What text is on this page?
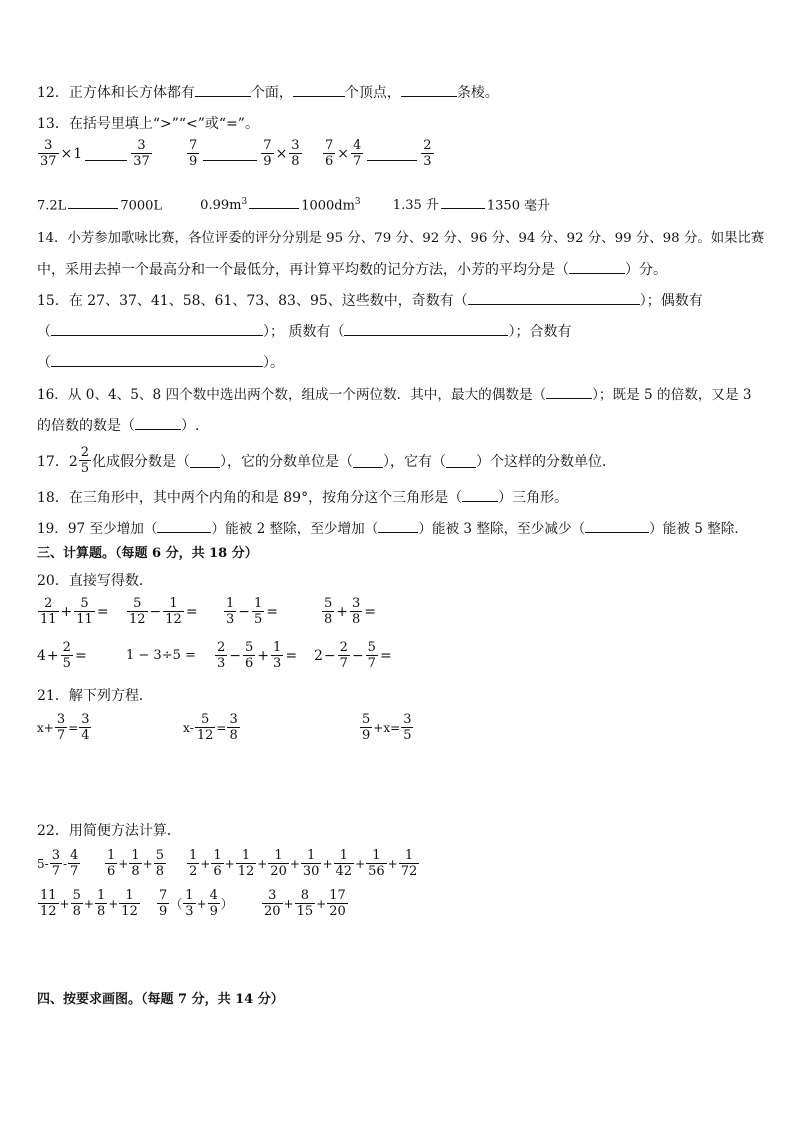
12．正方体和长方体都有	个面，	个顶点，	条棱。
13．在括号里填上“>”“<”或“=”。
$\frac{3}{37} \times 1$	$\frac{3}{37}$	$\frac{7}{9}$	$\frac{7}{9} \times \frac{3}{8} \frac{7}{6} \times \frac{4}{7}$	$\frac{2}{3}$
7.2L	7000L	$0.99m^3$	$1000dm^3$ 1.35 升	1350 毫升
14．小芳参加歌咏比赛，各位评委的评分分别是 95 分、79 分、92 分、96 分、94 分、92 分、99 分、98 分。如果比赛
中，采用去掉一个最高分和一个最低分，再计算平均数的记分方法，小芳的平均分是（	）分。
15．在 27、37、41、58、61、73、83、95、这些数中，奇数有（	）；偶数有
（	）； 质数有（	）；合数有
（	）。
16．从 0、4、5、8 四个数中选出两个数，组成一个两位数．其中，最大的偶数是（	）；既是 5 的倍数，又是 3
的倍数的数是（	）.
17．$2 \frac{2}{5}$ 化成假分数是（ ），它的分数单位是（ ），它有（ ）个这样的分数单位．
18．在三角形中，其中两个内角的和是 89°，按角分这个三角形是（	）三角形。
19．97 至少增加（	）能被 2 整除，至少增加（	）能被 3 整除，至少减少（	）能被 5 整除．
三、计算题。（每题 6 分，共 18 分）
20．直接写得数．
$\frac{2}{11} + \frac{5}{11} = \frac{5}{12} - \frac{1}{12} = \frac{1}{3} - \frac{1}{5}$ =	$\frac{5}{8} + \frac{3}{8}$ =
$4 + \frac{2}{5}$ =	$1 - 3\div 5 = \frac{2}{3} - \frac{5}{6} + \frac{1}{3} = 2 - \frac{2}{7} - \frac{5}{7}$ =
21．解下列方程．
$x + \frac{3}{7} = \frac{3}{4}$	$x - \frac{5}{12} = \frac{3}{8}$	$\frac{5}{9} + x = \frac{3}{5}$
22．用简便方法计算．
$5 - \frac{3}{7} - \frac{4}{7} \frac{1}{6} + \frac{1}{8} + \frac{5}{8} \frac{1}{2} + \frac{1}{6} + \frac{1}{12} + \frac{1}{20} + \frac{1}{30} + \frac{1}{42} + \frac{1}{56} + \frac{1}{72}$
$\frac{11}{12} + \frac{5}{8} + \frac{1}{8} + \frac{1}{12} \frac{7}{9}$ （ $\frac{1}{3} + \frac{4}{9}$ ） $\frac{3}{20} + \frac{8}{15} + \frac{17}{20}$
四、按要求画图。（每题 7 分，共 14 分）
